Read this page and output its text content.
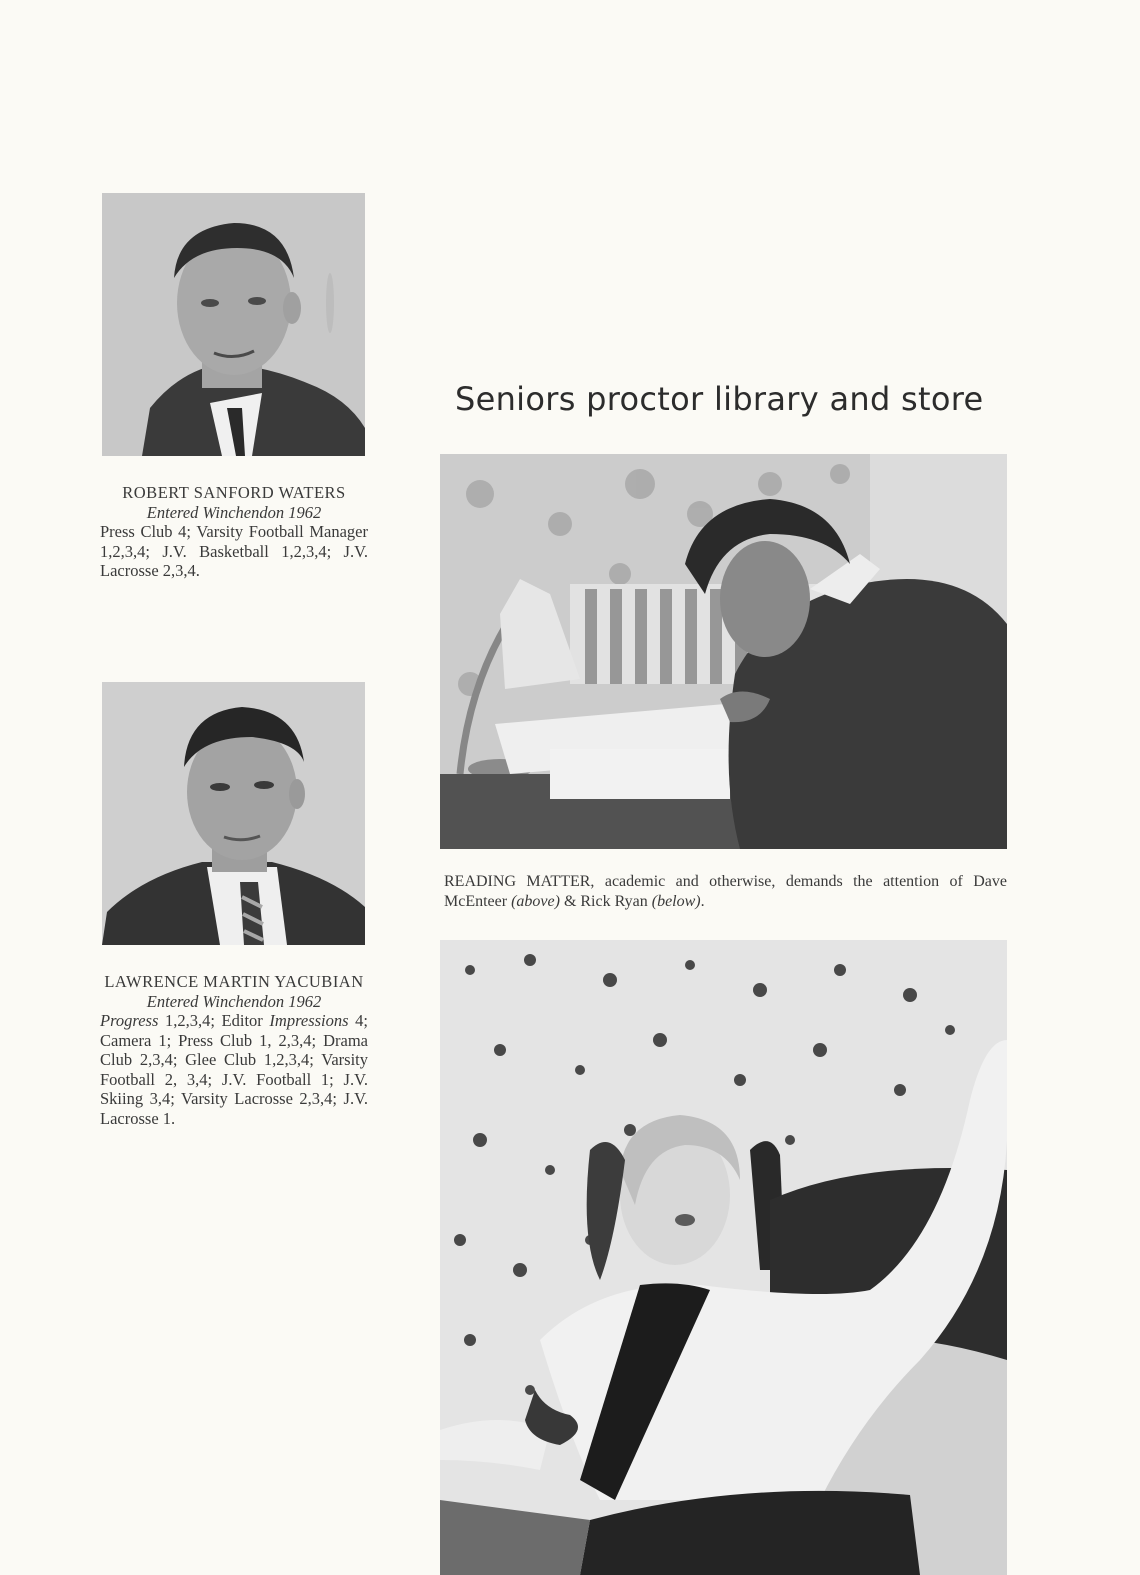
ROBERT SANFORD WATERS
Entered Winchendon 1962
Press Club 4; Varsity Football Manager 1,2,3,4; J.V. Basketball 1,2,3,4; J.V. Lacrosse 2,3,4.
LAWRENCE MARTIN YACUBIAN
Entered Winchendon 1962
Progress 1,2,3,4; Editor Impressions 4; Camera 1; Press Club 1, 2,3,4; Drama Club 2,3,4; Glee Club 1,2,3,4; Varsity Football 2, 3,4; J.V. Football 1; J.V. Skiing 3,4; Varsity Lacrosse 2,3,4; J.V. Lacrosse 1.
Seniors proctor library and store
READING MATTER, academic and otherwise, demands the attention of Dave McEnteer (above) & Rick Ryan (below).
